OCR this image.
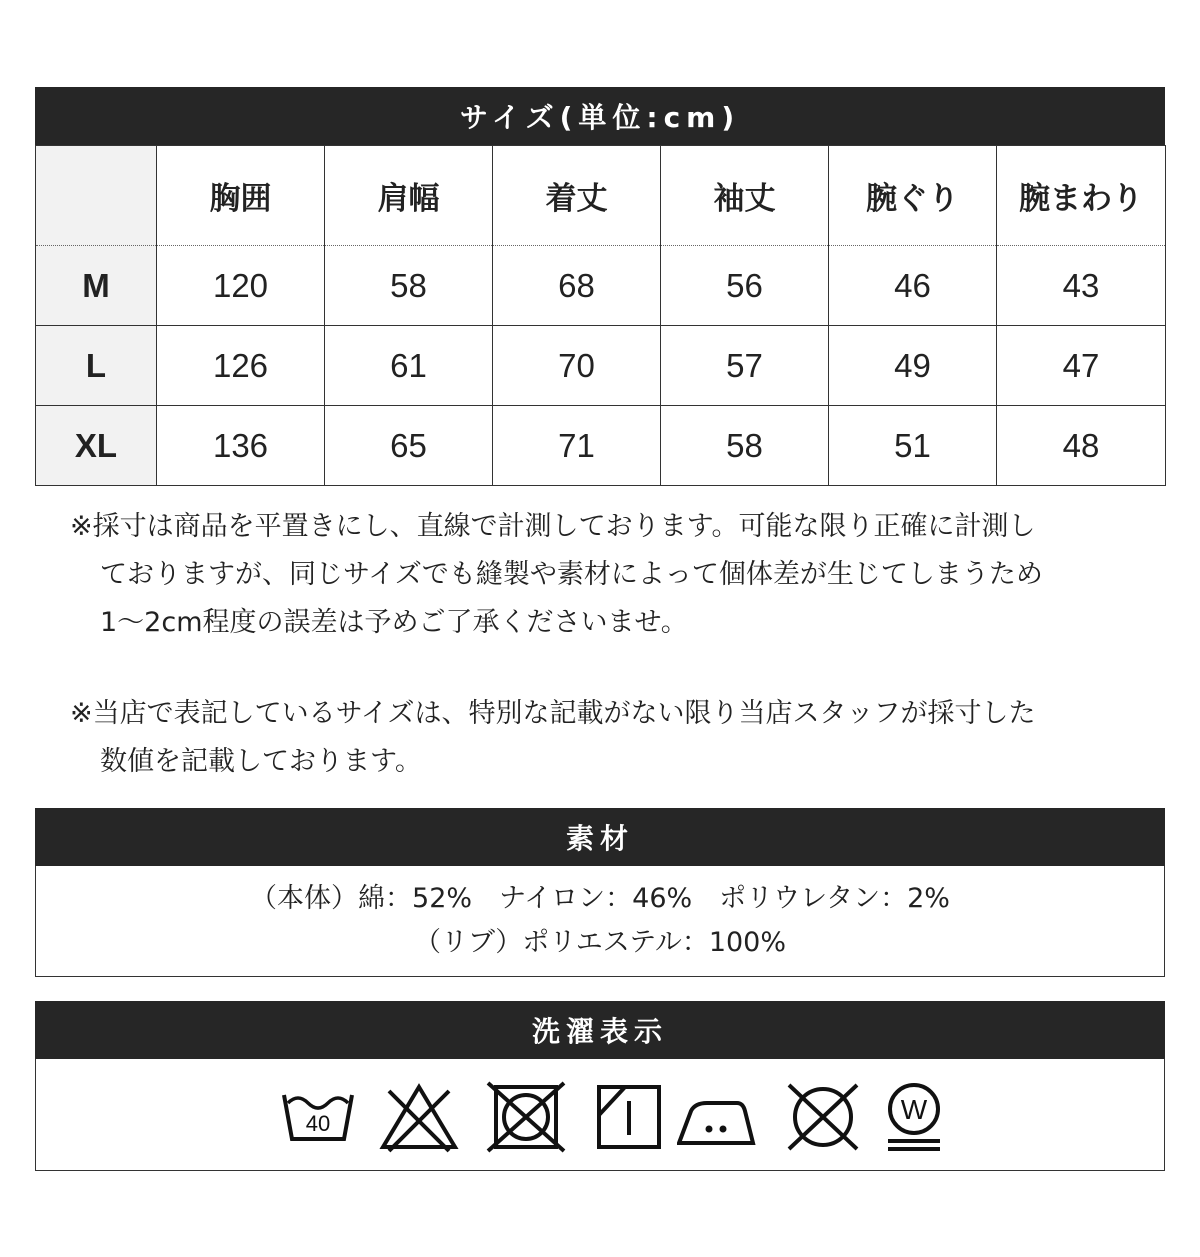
サイズ(単位:cm)
	胸囲	肩幅	着丈	袖丈	腕ぐり	腕まわり
M	120	58	68	56	46	43
L	126	61	70	57	49	47
XL	136	65	71	58	51	48
※採寸は商品を平置きにし、直線で計測しております。可能な限り正確に計測し
ておりますが、同じサイズでも縫製や素材によって個体差が生じてしまうため
1～2cm程度の誤差は予めご了承くださいませ。
※当店で表記しているサイズは、特別な記載がない限り当店スタッフが採寸した
数値を記載しております。
素材
（本体）綿：52%　ナイロン：46%　ポリウレタン：2%
（リブ）ポリエステル：100%
洗濯表示
40	W
